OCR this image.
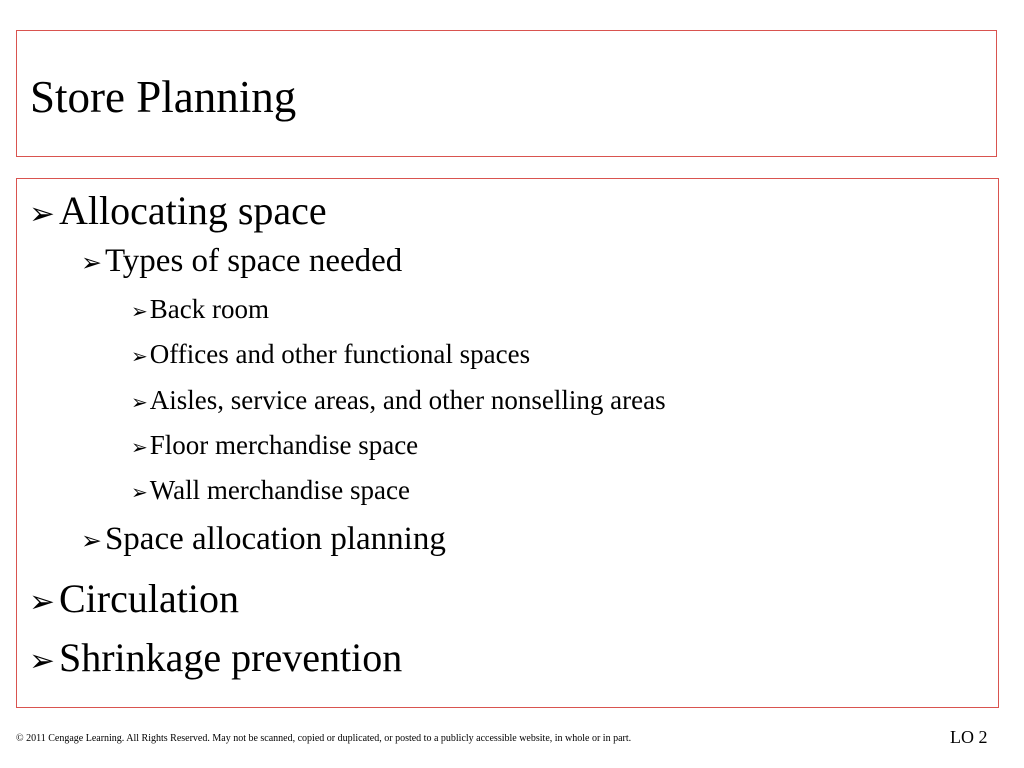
Store Planning
➢ Allocating space
➢ Types of space needed
➢ Back room
➢ Offices and other functional spaces
➢ Aisles, service areas, and other nonselling areas
➢ Floor merchandise space
➢ Wall merchandise space
➢ Space allocation planning
➢ Circulation
➢ Shrinkage prevention
© 2011 Cengage Learning. All Rights Reserved. May not be scanned, copied or duplicated, or posted to a publicly accessible website, in whole or in part.	LO 2
